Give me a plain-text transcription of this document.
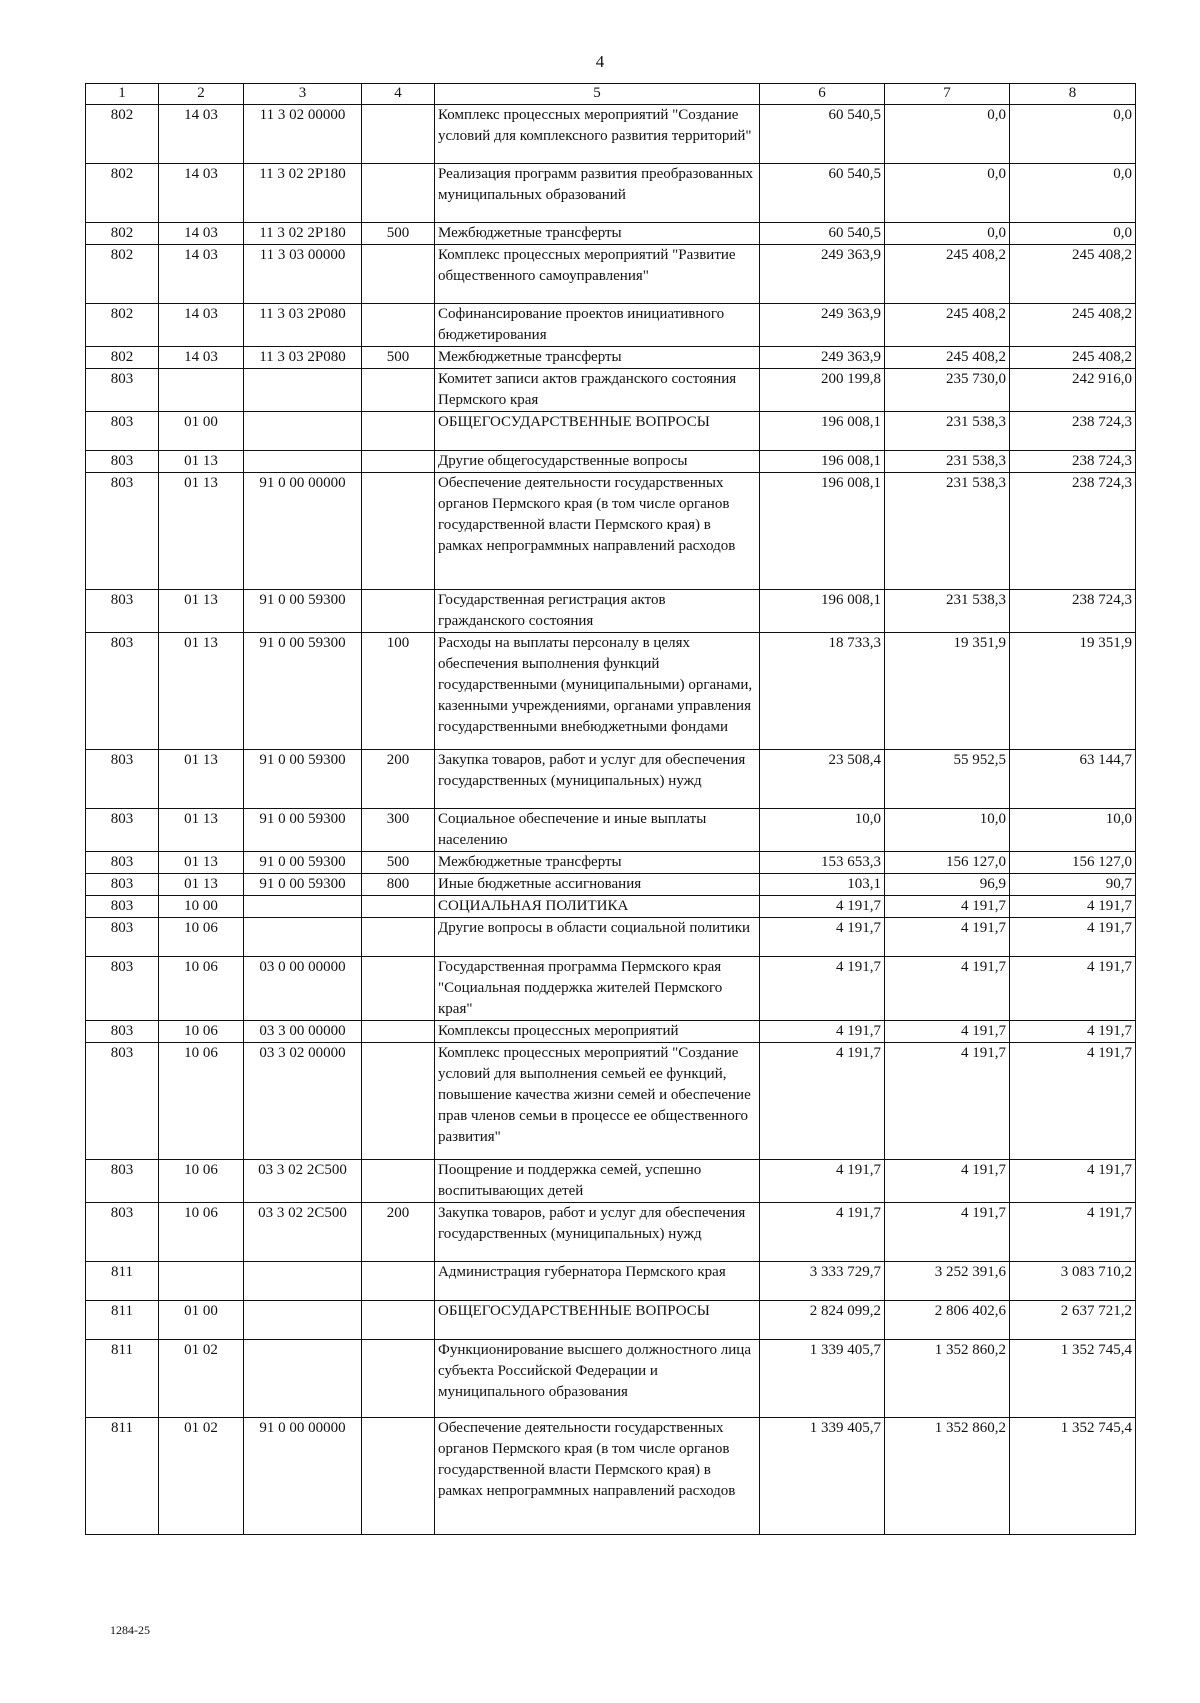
4
1	2	3	4	5	6	7	8
802	14 03	11 3 02 00000		Комплекс процессных мероприятий "Создание условий для комплексного развития территорий"	60 540,5	0,0	0,0
802	14 03	11 3 02 2P180		Реализация программ развития преобразованных муниципальных образований	60 540,5	0,0	0,0
802	14 03	11 3 02 2P180	500	Межбюджетные трансферты	60 540,5	0,0	0,0
802	14 03	11 3 03 00000		Комплекс процессных мероприятий "Развитие общественного самоуправления"	249 363,9	245 408,2	245 408,2
802	14 03	11 3 03 2P080		Софинансирование проектов инициативного бюджетирования	249 363,9	245 408,2	245 408,2
802	14 03	11 3 03 2P080	500	Межбюджетные трансферты	249 363,9	245 408,2	245 408,2
803				Комитет записи актов гражданского состояния Пермского края	200 199,8	235 730,0	242 916,0
803	01 00			ОБЩЕГОСУДАРСТВЕННЫЕ ВОПРОСЫ	196 008,1	231 538,3	238 724,3
803	01 13			Другие общегосударственные вопросы	196 008,1	231 538,3	238 724,3
803	01 13	91 0 00 00000		Обеспечение деятельности государственных органов Пермского края (в том числе органов государственной власти Пермского края) в рамках непрограммных направлений расходов	196 008,1	231 538,3	238 724,3
803	01 13	91 0 00 59300		Государственная регистрация актов гражданского состояния	196 008,1	231 538,3	238 724,3
803	01 13	91 0 00 59300	100	Расходы на выплаты персоналу в целях обеспечения выполнения функций государственными (муниципальными) органами, казенными учреждениями, органами управления государственными внебюджетными фондами	18 733,3	19 351,9	19 351,9
803	01 13	91 0 00 59300	200	Закупка товаров, работ и услуг для обеспечения государственных (муниципальных) нужд	23 508,4	55 952,5	63 144,7
803	01 13	91 0 00 59300	300	Социальное обеспечение и иные выплаты населению	10,0	10,0	10,0
803	01 13	91 0 00 59300	500	Межбюджетные трансферты	153 653,3	156 127,0	156 127,0
803	01 13	91 0 00 59300	800	Иные бюджетные ассигнования	103,1	96,9	90,7
803	10 00			СОЦИАЛЬНАЯ ПОЛИТИКА	4 191,7	4 191,7	4 191,7
803	10 06			Другие вопросы в области социальной политики	4 191,7	4 191,7	4 191,7
803	10 06	03 0 00 00000		Государственная программа Пермского края "Социальная поддержка жителей Пермского края"	4 191,7	4 191,7	4 191,7
803	10 06	03 3 00 00000		Комплексы процессных мероприятий	4 191,7	4 191,7	4 191,7
803	10 06	03 3 02 00000		Комплекс процессных мероприятий "Создание условий для выполнения семьей ее функций, повышение качества жизни семей и обеспечение прав членов семьи в процессе ее общественного развития"	4 191,7	4 191,7	4 191,7
803	10 06	03 3 02 2C500		Поощрение и поддержка семей, успешно воспитывающих детей	4 191,7	4 191,7	4 191,7
803	10 06	03 3 02 2C500	200	Закупка товаров, работ и услуг для обеспечения государственных (муниципальных) нужд	4 191,7	4 191,7	4 191,7
811				Администрация губернатора Пермского края	3 333 729,7	3 252 391,6	3 083 710,2
811	01 00			ОБЩЕГОСУДАРСТВЕННЫЕ ВОПРОСЫ	2 824 099,2	2 806 402,6	2 637 721,2
811	01 02			Функционирование высшего должностного лица субъекта Российской Федерации и муниципального образования	1 339 405,7	1 352 860,2	1 352 745,4
811	01 02	91 0 00 00000		Обеспечение деятельности государственных органов Пермского края (в том числе органов государственной власти Пермского края) в рамках непрограммных направлений расходов	1 339 405,7	1 352 860,2	1 352 745,4
1284-25
